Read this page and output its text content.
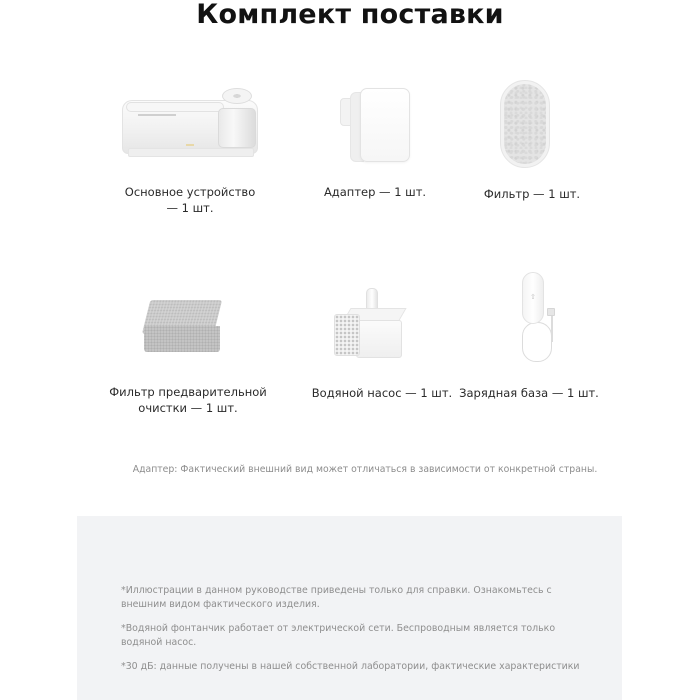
Комплект поставки
Основное устройство
— 1 шт.
Адаптер — 1 шт.	Фильтр — 1 шт.
Фильтр предварительной
очистки — 1 шт.
Водяной насос — 1 шт.
⇧
Зарядная база — 1 шт.
Адаптер: Фактический внешний вид может отличаться в зависимости от конкретной страны.
*Иллюстрации в данном руководстве приведены только для справки. Ознакомьтесь с
внешним видом фактического изделия.
*Водяной фонтанчик работает от электрической сети. Беспроводным является только
водяной насос.
*30 дБ: данные получены в нашей собственной лаборатории, фактические характеристики
